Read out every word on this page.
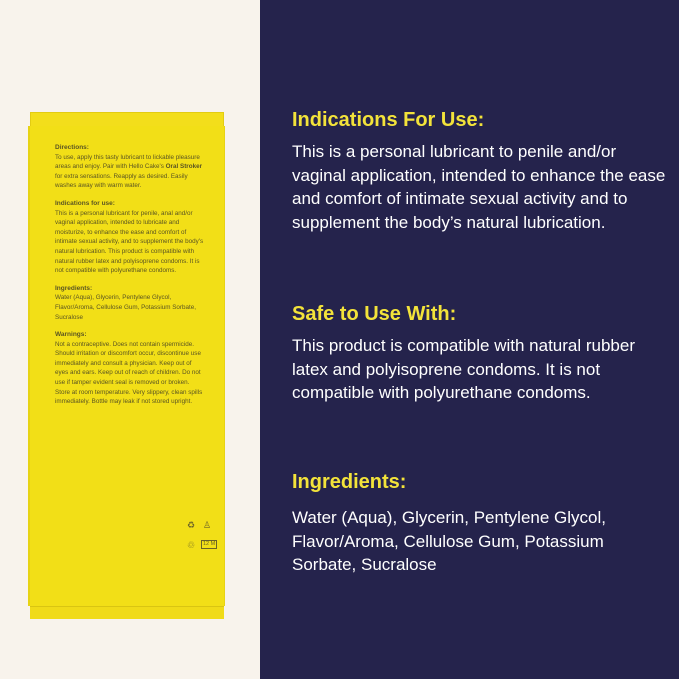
Directions:

To use, apply this tasty lubricant to lickable pleasure areas and enjoy. Pair with Hello Cake's Oral Stroker for extra sensations. Reapply as desired. Easily washes away with warm water.

Indications for use:

This is a personal lubricant for penile, anal and/or vaginal application, intended to lubricate and moisturize, to enhance the ease and comfort of intimate sexual activity, and to supplement the body's natural lubrication. This product is compatible with natural rubber latex and polyisoprene condoms. It is not compatible with polyurethane condoms.

Ingredients:

Water (Aqua), Glycerin, Pentylene Glycol, Flavor/Aroma, Cellulose Gum, Potassium Sorbate, Sucralose

Warnings:

Not a contraceptive. Does not contain spermicide. Should irritation or discomfort occur, discontinue use immediately and consult a physician. Keep out of eyes and ears. Keep out of reach of children. Do not use if tamper evident seal is removed or broken. Store at room temperature. Very slippery, clean spills immediately. Bottle may leak if not stored upright.

♻ ♙
♲	12 M
Indications For Use:

This is a personal lubricant to penile and/or vaginal application, intended to enhance the ease and comfort of intimate sexual activity and to supplement the body’s natural lubrication.

Safe to Use With:

This product is compatible with natural rubber latex and polyisoprene condoms. It is not compatible with polyurethane condoms.

Ingredients:

Water (Aqua), Glycerin, Pentylene Glycol, Flavor/Aroma, Cellulose Gum, Potassium Sorbate, Sucralose
